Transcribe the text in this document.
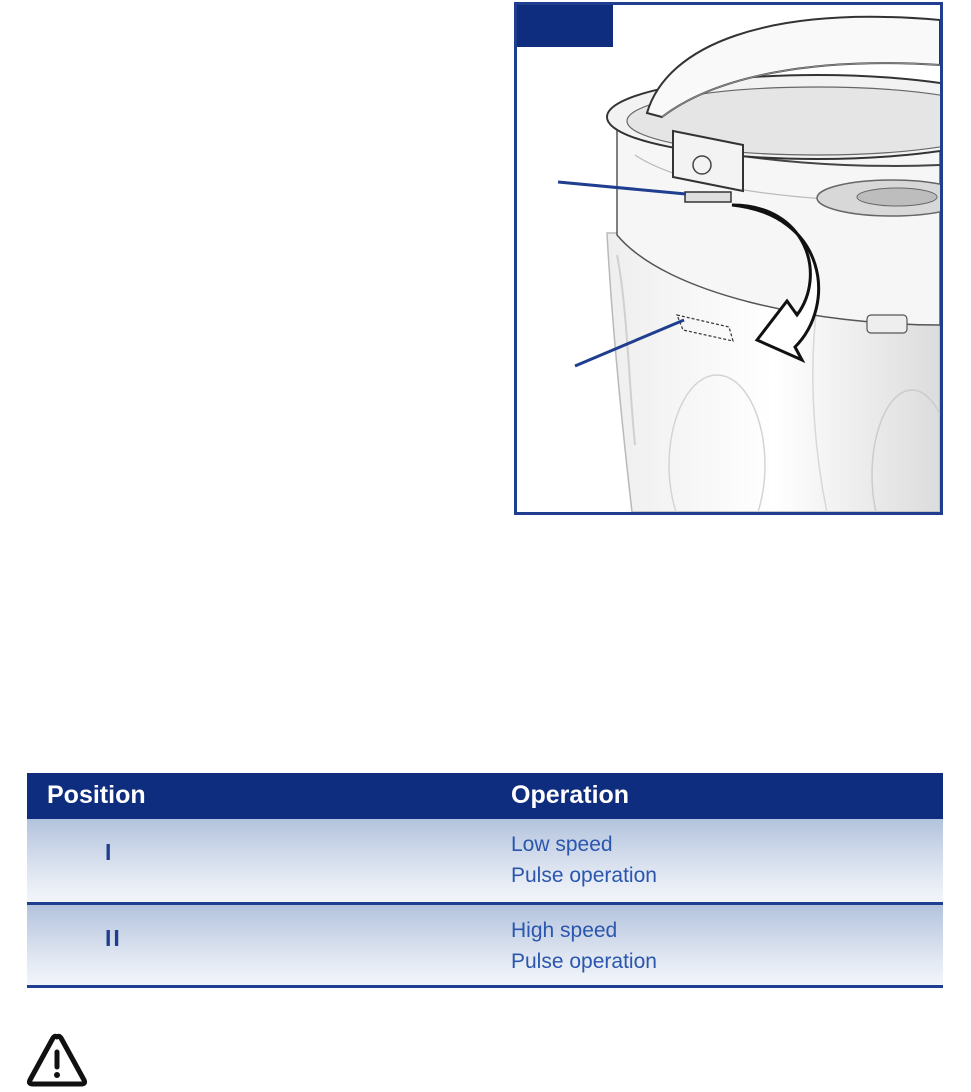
Position	Operation
I	Low speed
Pulse operation
II	High speed
Pulse operation
